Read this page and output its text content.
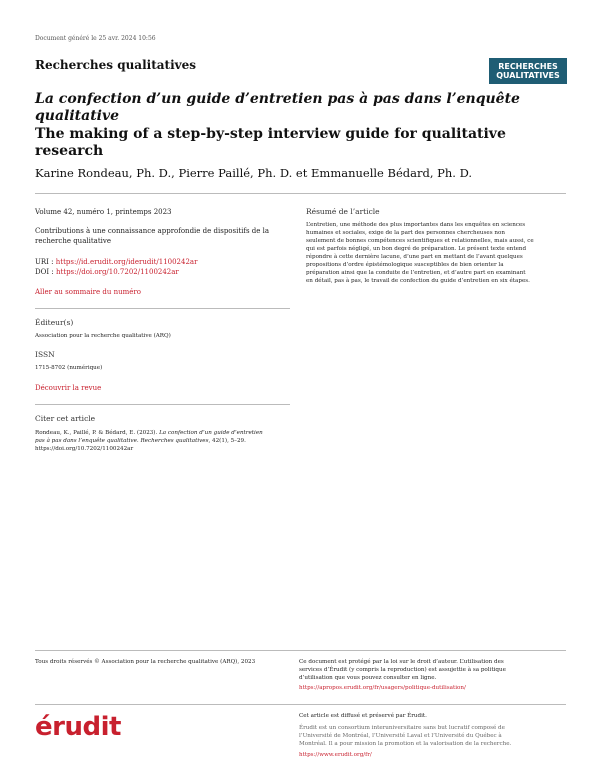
Document généré le 25 avr. 2024 10:56
Recherches qualitatives	RECHERCHES
QUALITATIVES
La confection d’un guide d’entretien pas à pas dans l’enquête qualitative
The making of a step-by-step interview guide for qualitative research
Karine Rondeau, Ph. D., Pierre Paillé, Ph. D. et Emmanuelle Bédard, Ph. D.
Volume 42, numéro 1, printemps 2023
Contributions à une connaissance approfondie de dispositifs de la
recherche qualitative
URI : https://id.erudit.org/iderudit/1100242ar
DOI : https://doi.org/10.7202/1100242ar
Aller au sommaire du numéro
Éditeur(s)
Association pour la recherche qualitative (ARQ)
ISSN
1715-8702 (numérique)
Découvrir la revue
Citer cet article
Rondeau, K., Paillé, P. & Bédard, E. (2023). La confection d’un guide d’entretien
pas à pas dans l’enquête qualitative. Recherches qualitatives, 42(1), 5–29.
https://doi.org/10.7202/1100242ar
Résumé de l’article
L’entretien, une méthode des plus importantes dans les enquêtes en sciences
humaines et sociales, exige de la part des personnes chercheuses non
seulement de bonnes compétences scientifiques et relationnelles, mais aussi, ce
qui est parfois négligé, un bon degré de préparation. Le présent texte entend
répondre à cette dernière lacune, d’une part en mettant de l’avant quelques
propositions d’ordre épistémologique susceptibles de bien orienter la
préparation ainsi que la conduite de l’entretien, et d’autre part en examinant
en détail, pas à pas, le travail de confection du guide d’entretien en six étapes.
Tous droits réservés © Association pour la recherche qualitative (ARQ), 2023	Ce document est protégé par la loi sur le droit d’auteur. L’utilisation des
services d’Érudit (y compris la reproduction) est assujettie à sa politique
d’utilisation que vous pouvez consulter en ligne.
https://apropos.erudit.org/fr/usagers/politique-dutilisation/
érudit	Cet article est diffusé et préservé par Érudit.
Érudit est un consortium interuniversitaire sans but lucratif composé de
l’Université de Montréal, l’Université Laval et l’Université du Québec à
Montréal. Il a pour mission la promotion et la valorisation de la recherche.
https://www.erudit.org/fr/
